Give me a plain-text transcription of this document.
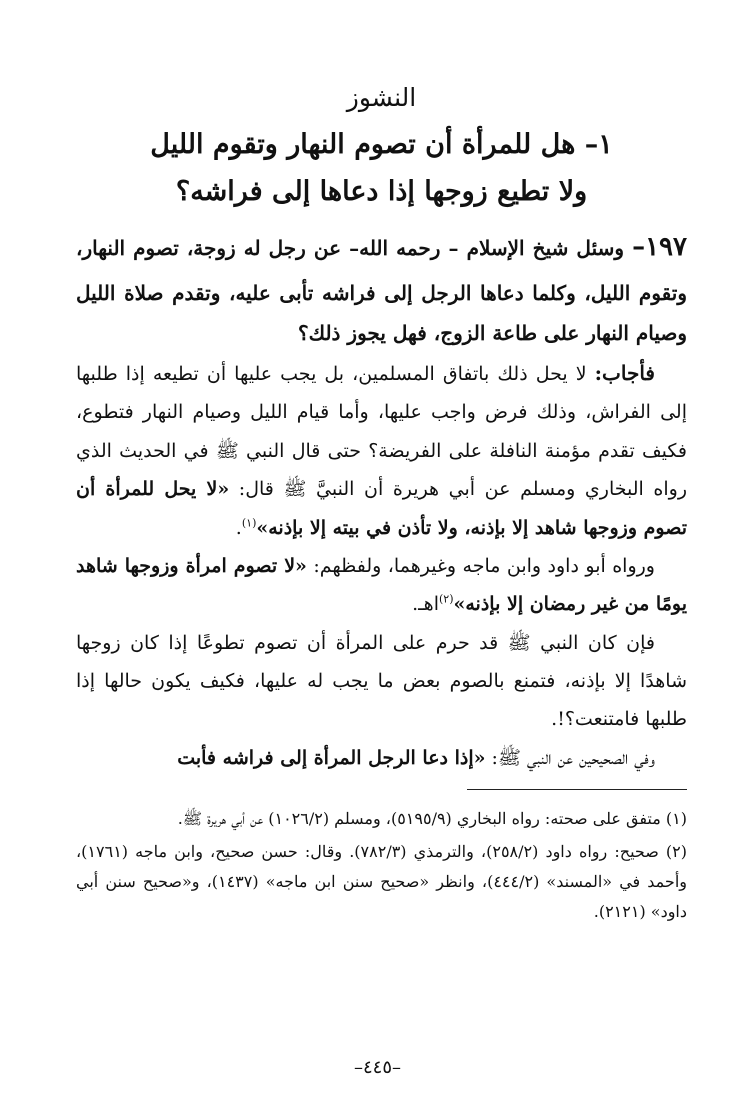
النشوز
١– هل للمرأة أن تصوم النهار وتقوم الليل
ولا تطيع زوجها إذا دعاها إلى فراشه؟

١٩٧– وسئل شيخ الإسلام – رحمه الله– عن رجل له زوجة، تصوم النهار، وتقوم الليل، وكلما دعاها الرجل إلى فراشه تأبى عليه، وتقدم صلاة الليل وصيام النهار على طاعة الزوج، فهل يجوز ذلك؟

فأجاب: لا يحل ذلك باتفاق المسلمين، بل يجب عليها أن تطيعه إذا طلبها إلى الفراش، وذلك فرض واجب عليها، وأما قيام الليل وصيام النهار فتطوع، فكيف تقدم مؤمنة النافلة على الفريضة؟ حتى قال النبي ﷺ في الحديث الذي رواه البخاري ومسلم عن أبي هريرة أن النبيَّ ﷺ قال: «لا يحل للمرأة أن تصوم وزوجها شاهد إلا بإذنه، ولا تأذن في بيته إلا بإذنه»$^{(١)}$.

ورواه أبو داود وابن ماجه وغيرهما، ولفظهم: «لا تصوم امرأة وزوجها شاهد يومًا من غير رمضان إلا بإذنه»$^{(٢)}$اهـ.

فإن كان النبي ﷺ قد حرم على المرأة أن تصوم تطوعًا إذا كان زوجها شاهدًا إلا بإذنه، فتمنع بالصوم بعض ما يجب له عليها، فكيف يكون حالها إذا طلبها فامتنعت؟!.

وفي الصحيحين عن النبي ﷺ: «إذا دعا الرجل المرأة إلى فراشه فأبت

(١) متفق على صحته: رواه البخاري (٥١٩٥/٩)، ومسلم (١٠٢٦/٢) عن أبي هريرة ﷺ.

(٢) صحيح: رواه داود (٢٥٨/٢)، والترمذي (٧٨٢/٣). وقال: حسن صحيح، وابن ماجه (١٧٦١)، وأحمد في «المسند» (٤٤٤/٢)، وانظر «صحيح سنن ابن ماجه» (١٤٣٧)، و«صحيح سنن أبي داود» (٢١٢١).

–٤٤٥–
